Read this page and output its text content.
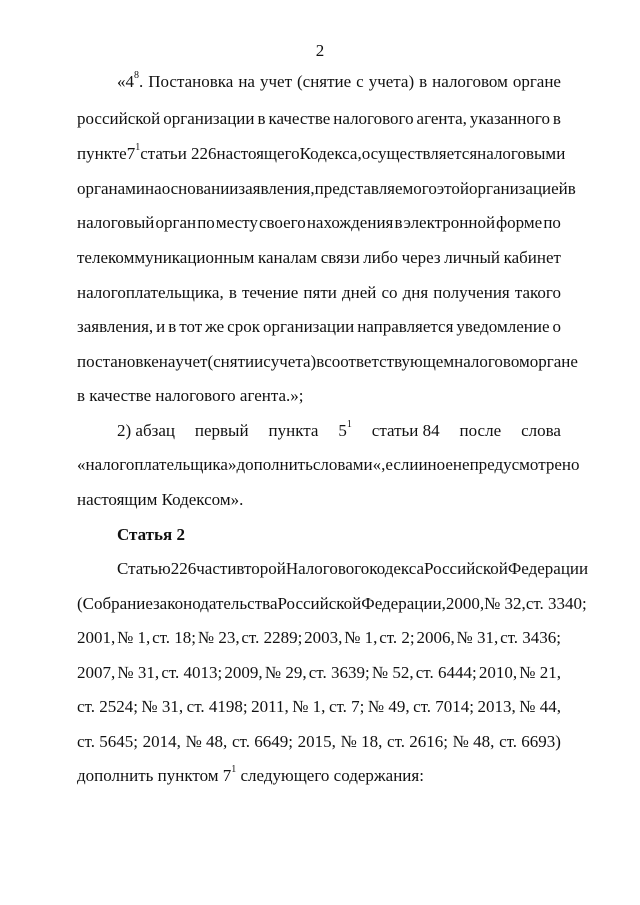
2
«$4^8$. Постановка на учет (снятие с учета) в налоговом органе
российской организации в качестве налогового агента, указанного в
пункте $7^1$ статьи 226 настоящего Кодекса, осуществляется налоговыми
органами на основании заявления, представляемого этой организацией в
налоговый орган по месту своего нахождения в электронной форме по
телекоммуникационным каналам связи либо через личный кабинет
налогоплательщика, в течение пяти дней со дня получения такого
заявления, и в тот же срок организации направляется уведомление о
постановке на учет (снятии с учета) в соответствующем налоговом органе
в качестве налогового агента.»;
2) абзац первый пункта $5^1$ статьи 84 после слова
«налогоплательщика» дополнить словами «, если иное не предусмотрено
настоящим Кодексом».
Статья 2
Статью 226 части второй Налогового кодекса Российской Федерации
(Собрание законодательства Российской Федерации, 2000, № 32, ст. 3340;
2001, № 1, ст. 18; № 23, ст. 2289; 2003, № 1, ст. 2; 2006, № 31, ст. 3436;
2007, № 31, ст. 4013; 2009, № 29, ст. 3639; № 52, ст. 6444; 2010, № 21,
ст. 2524; № 31, ст. 4198; 2011, № 1, ст. 7; № 49, ст. 7014; 2013, № 44,
ст. 5645; 2014, № 48, ст. 6649; 2015, № 18, ст. 2616; № 48, ст. 6693)
дополнить пунктом $7^1$ следующего содержания:
